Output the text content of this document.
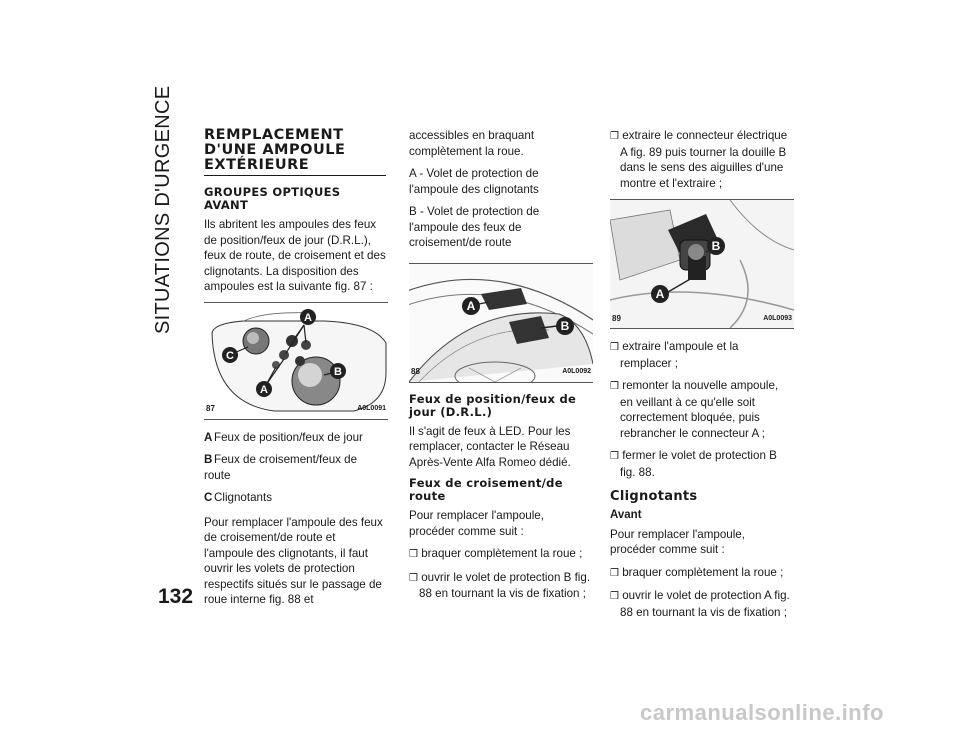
SITUATIONS D'URGENCE
132
REMPLACEMENT D'UNE AMPOULE EXTÉRIEURE
GROUPES OPTIQUES AVANT

Ils abritent les ampoules des feux de position/feux de jour (D.R.L.), feux de route, de croisement et des clignotants. La disposition des ampoules est la suivante fig. 87 :

A
C
A
B
87	A0L0091

A Feux de position/feux de jour

B Feux de croisement/feux de route

C Clignotants

Pour remplacer l'ampoule des feux de croisement/de route et l'ampoule des clignotants, il faut ouvrir les volets de protection respectifs situés sur le passage de roue interne fig. 88 et

accessibles en braquant complètement la roue.

A - Volet de protection de l'ampoule des clignotants

B - Volet de protection de l'ampoule des feux de croisement/de route

A
B
88	A0L0092
Feux de position/feux de jour (D.R.L.)

Il s'agit de feux à LED. Pour les remplacer, contacter le Réseau Après-Vente Alfa Romeo dédié.

Feux de croisement/de route

Pour remplacer l'ampoule, procéder comme suit :

❒ braquer complètement la roue ;

❒ ouvrir le volet de protection B fig. 88 en tournant la vis de fixation ;

❒ extraire le connecteur électrique A fig. 89 puis tourner la douille B dans le sens des aiguilles d'une montre et l'extraire ;

B
A
89	A0L0093

❒ extraire l'ampoule et la remplacer ;

❒ remonter la nouvelle ampoule, en veillant à ce qu'elle soit correctement bloquée, puis rebrancher le connecteur A ;

❒ fermer le volet de protection B fig. 88.

Clignotants
Avant

Pour remplacer l'ampoule, procéder comme suit :

❒ braquer complètement la roue ;

❒ ouvrir le volet de protection A fig. 88 en tournant la vis de fixation ;

carmanualsonline.info
